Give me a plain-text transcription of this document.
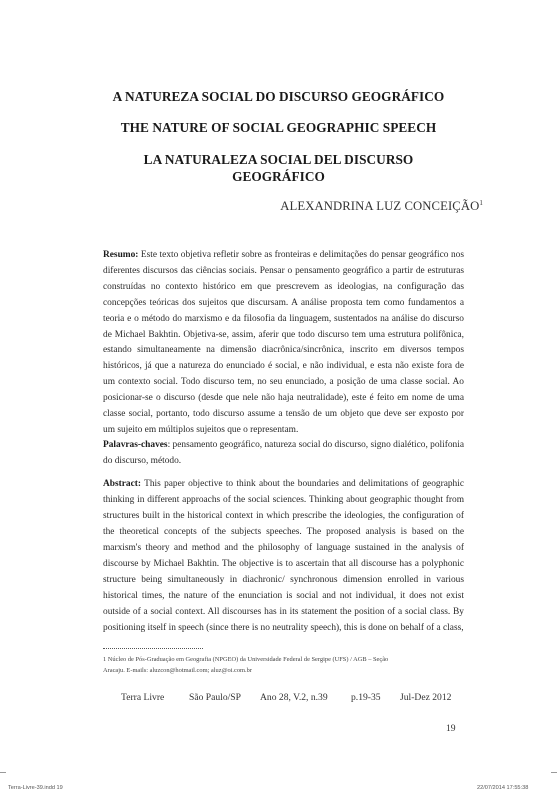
A NATUREZA SOCIAL DO DISCURSO GEOGRÁFICO
THE NATURE OF SOCIAL GEOGRAPHIC SPEECH
LA NATURALEZA SOCIAL DEL DISCURSO
GEOGRÁFICO
ALEXANDRINA LUZ CONCEIÇÃO$^1$
Resumo: Este texto objetiva refletir sobre as fronteiras e delimitações do pensar geográfico nos diferentes discursos das ciências sociais. Pensar o pensamento geográfico a partir de estruturas construídas no contexto histórico em que prescrevem as ideologias, na configuração das concepções teóricas dos sujeitos que discursam. A análise proposta tem como fundamentos a teoria e o método do marxismo e da filosofia da linguagem, sustentados na análise do discurso de Michael Bakhtin. Objetiva-se, assim, aferir que todo discurso tem uma estrutura polifônica, estando simultaneamente na dimensão diacrônica/sincrônica, inscrito em diversos tempos históricos, já que a natureza do enunciado é social, e não individual, e esta não existe fora de um contexto social. Todo discurso tem, no seu enunciado, a posição de uma classe social. Ao posicionar-se o discurso (desde que nele não haja neutralidade), este é feito em nome de uma classe social, portanto, todo discurso assume a tensão de um objeto que deve ser exposto por um sujeito em múltiplos sujeitos que o representam.
Palavras-chaves: pensamento geográfico, natureza social do discurso, signo dialético, polifonia do discurso, método.
Abstract: This paper objective to think about the boundaries and delimitations of geographic thinking in different approachs of the social sciences. Thinking about geographic thought from structures built in the historical context in which prescribe the ideologies, the configuration of the theoretical concepts of the subjects speeches. The proposed analysis is based on the marxism's theory and method and the philosophy of language sustained in the analysis of discourse by Michael Bakhtin. The objective is to ascertain that all discourse has a polyphonic structure being simultaneously in diachronic/ synchronous dimension enrolled in various historical times, the nature of the enunciation is social and not individual, it does not exist outside of a social context. All discourses has in its statement the position of a social class. By positioning itself in speech (since there is no neutrality speech), this is done on behalf of a class,
1 Núcleo de Pós-Graduação em Geografia (NPGEO) da Universidade Federal de Sergipe (UFS) / AGB – Seção
Aracaju. E-mails: aluzcon@hotmail.com; aluz@oi.com.br
Terra Livre	São Paulo/SP Ano 28, V.2, n.39 p.19-35 Jul-Dez 2012
19
Terra-Livre-39.indd 19	22/07/2014 17:55:38
